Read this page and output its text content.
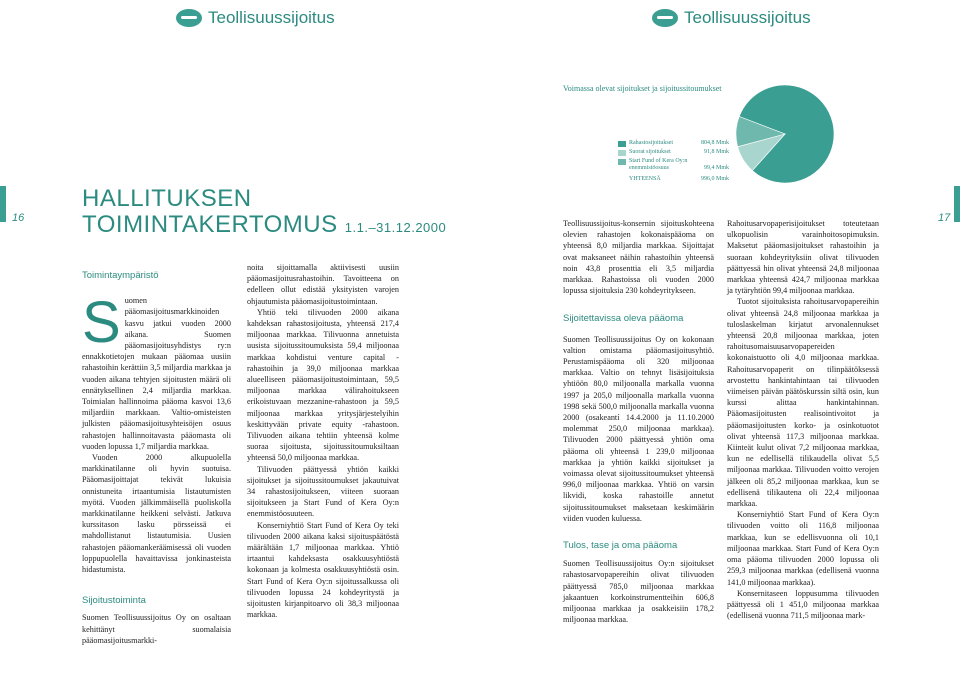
Teollisuussijoitus	Teollisuussijoitus
16	17
Voimassa olevat sijoitukset ja sijoitussitoumukset
Rahastosijoitukset	804,8 Mmk
Suorat sijoitukset	91,8 Mmk
Start Fund of Kera Oy:n enemmistöosuus	99,4 Mmk
YHTEENSÄ	996,0 Mmk
HALLITUKSEN
TOIMINTAKERTOMUS 1.1.–31.12.2000

Toimintaympäristö

S uomen pääomasijoitusmarkkinoiden kasvu jatkui vuoden 2000 aikana. Suomen pääomasijoitusyhdistys ry:n ennakkotietojen mukaan pääomaa uusiin rahastoihin kerättiin 3,5 miljardia markkaa ja vuoden aikana tehtyjen sijoitusten määrä oli ennätyksellinen 2,4 miljardia markkaa. Toimialan hallinnoima pääoma kasvoi 13,6 miljardiin markkaan. Valtio-omisteisten julkisten pääomasijoitusyhteisöjen osuus rahastojen hallinnoitavasta pääomasta oli vuoden lopussa 1,7 miljardia markkaa.

Vuoden 2000 alkupuolella markkinatilanne oli hyvin suotuisa. Pääomasijoittajat tekivät lukuisia onnistuneita irtaantumisia listautumisten myötä. Vuoden jälkimmäisellä puoliskolla markkinatilanne heikkeni selvästi. Jatkuva kurssitason lasku pörsseissä ei mahdollistanut listautumisia. Uusien rahastojen pääomankeräämisessä oli vuoden loppupuolella havaittavissa jonkinasteista hidastumista.

Sijoitustoiminta

Suomen Teollisuussijoitus Oy on osaltaan kehittänyt suomalaisia pääomasijoitusmarkki-

noita sijoittamalla aktiivisesti uusiin pääomasijoitusrahastoihin. Tavoitteena on edelleen ollut edistää yksityisten varojen ohjautumista pääomasijoitustoimintaan.

Yhtiö teki tilivuoden 2000 aikana kahdeksan rahastosijoitusta, yhteensä 217,4 miljoonaa markkaa. Tilivuonna annetuista uusista sijoitussitoumuksista 59,4 miljoonaa markkaa kohdistui venture capital -rahastoihin ja 39,0 miljoonaa markkaa alueelliseen pääomasijoitustoimintaan, 59,5 miljoonaa markkaa välirahoitukseen erikoistuvaan mezzanine-rahastoon ja 59,5 miljoonaa markkaa yritysjärjestelyihin keskittyvään private equity -rahastoon. Tilivuoden aikana tehtiin yhteensä kolme suoraa sijoitusta, sijoitussitoumuksiltaan yhteensä 50,0 miljoonaa markkaa.

Tilivuoden päättyessä yhtiön kaikki sijoitukset ja sijoitussitoumukset jakautuivat 34 rahastosijoitukseen, viiteen suoraan sijoitukseen ja Start Fund of Kera Oy:n enemmistöosuuteen.

Konserniyhtiö Start Fund of Kera Oy teki tilivuoden 2000 aikana kaksi sijoituspäätöstä määrältään 1,7 miljoonaa markkaa. Yhtiö irtaantui kahdeksasta osakkuusyhtiöstä kokonaan ja kolmesta osakkuusyhtiöstä osin. Start Fund of Kera Oy:n sijoitussalkussa oli tilivuoden lopussa 24 kohdeyritystä ja sijoitusten kirjanpitoarvo oli 38,3 miljoonaa markkaa.

Teollisuussijoitus-konsernin sijoituskohteena olevien rahastojen kokonaispääoma on yhteensä 8,0 miljardia markkaa. Sijoittajat ovat maksaneet näihin rahastoihin yhteensä noin 43,8 prosenttia eli 3,5 miljardia markkaa. Rahastoissa oli vuoden 2000 lopussa sijoituksia 230 kohdeyritykseen.

Sijoitettavissa oleva pääoma

Suomen Teollisuussijoitus Oy on kokonaan valtion omistama pääomasijoitusyhtiö. Perustamispääoma oli 320 miljoonaa markkaa. Valtio on tehnyt lisäsijoituksia yhtiöön 80,0 miljoonalla markalla vuonna 1997 ja 205,0 miljoonalla markalla vuonna 1998 sekä 500,0 miljoonalla markalla vuonna 2000 (osakeantí 14.4.2000 ja 11.10.2000 molemmat 250,0 miljoonaa markkaa). Tilivuoden 2000 päättyessä yhtiön oma pääoma oli yhteensä 1 239,0 miljoonaa markkaa ja yhtiön kaikki sijoitukset ja voimassa olevat sijoitussitoumukset yhteensä 996,0 miljoonaa markkaa. Yhtiö on varsin likvidi, koska rahastoille annetut sijoitussitoumukset maksetaan keskimäärin viiden vuoden kuluessa.

Tulos, tase ja oma pääoma

Suomen Teollisuussijoitus Oy:n sijoitukset rahastosarvopapereihin olivat tilivuoden päättyessä 785,0 miljoonaa markkaa jakaantuen korkoinstrumentteihin 606,8 miljoonaa markkaa ja osakkeisiin 178,2 miljoonaa markkaa.

Rahoitusarvopaperisijoitukset toteutetaan ulkopuolisin varainhoitosopimuksin. Maksetut pääomasijoitukset rahastoihin ja suoraan kohdeyrityksiin olivat tilivuoden päättyessä hin olivat yhteensä 24,8 miljoonaa markkaa yhteensä 424,7 miljoonaa markkaa ja tytäryhtiön 99,4 miljoonaa markkaa.

Tuotot sijoituksista rahoitusarvopapereihin olivat yhteensä 24,8 miljoonaa markkaa ja tuloslaskelman kirjatut arvonalennukset yhteensä 20,8 miljoonaa markkaa, joten rahoitusomaisuusarvopapereiden kokonaistuotto oli 4,0 miljoonaa markkaa. Rahoitusarvopaperit on tilinpäätöksessä arvostettu hankintahintaan tai tilivuoden viimeisen päivän päätöskurssin siltä osin, kun kurssi alittaa hankintahinnan. Pääomasijoitusten realisointivoitot ja pääomasijoitusten korko- ja osinkotuotot olivat yhteensä 117,3 miljoonaa markkaa. Kiinteät kulut olivat 7,2 miljoonaa markkaa, kun ne edellisellä tilikaudella olivat 5,5 miljoonaa markkaa. Tilivuoden voitto verojen jälkeen oli 85,2 miljoonaa markkaa, kun se edellisenä tilikautena oli 22,4 miljoonaa markkaa.

Konserniyhtiö Start Fund of Kera Oy:n tilivuoden voitto oli 116,8 miljoonaa markkaa, kun se edellisvuonna oli 10,1 miljoonaa markkaa. Start Fund of Kera Oy:n oma pääoma tilivuoden 2000 lopussa oli 259,3 miljoonaa markkaa (edellisenä vuonna 141,0 miljoonaa markkaa).

Konsernitaseen loppusumma tilivuoden päättyessä oli 1 451,0 miljoonaa markkaa (edellisenä vuonna 711,5 miljoonaa mark-
